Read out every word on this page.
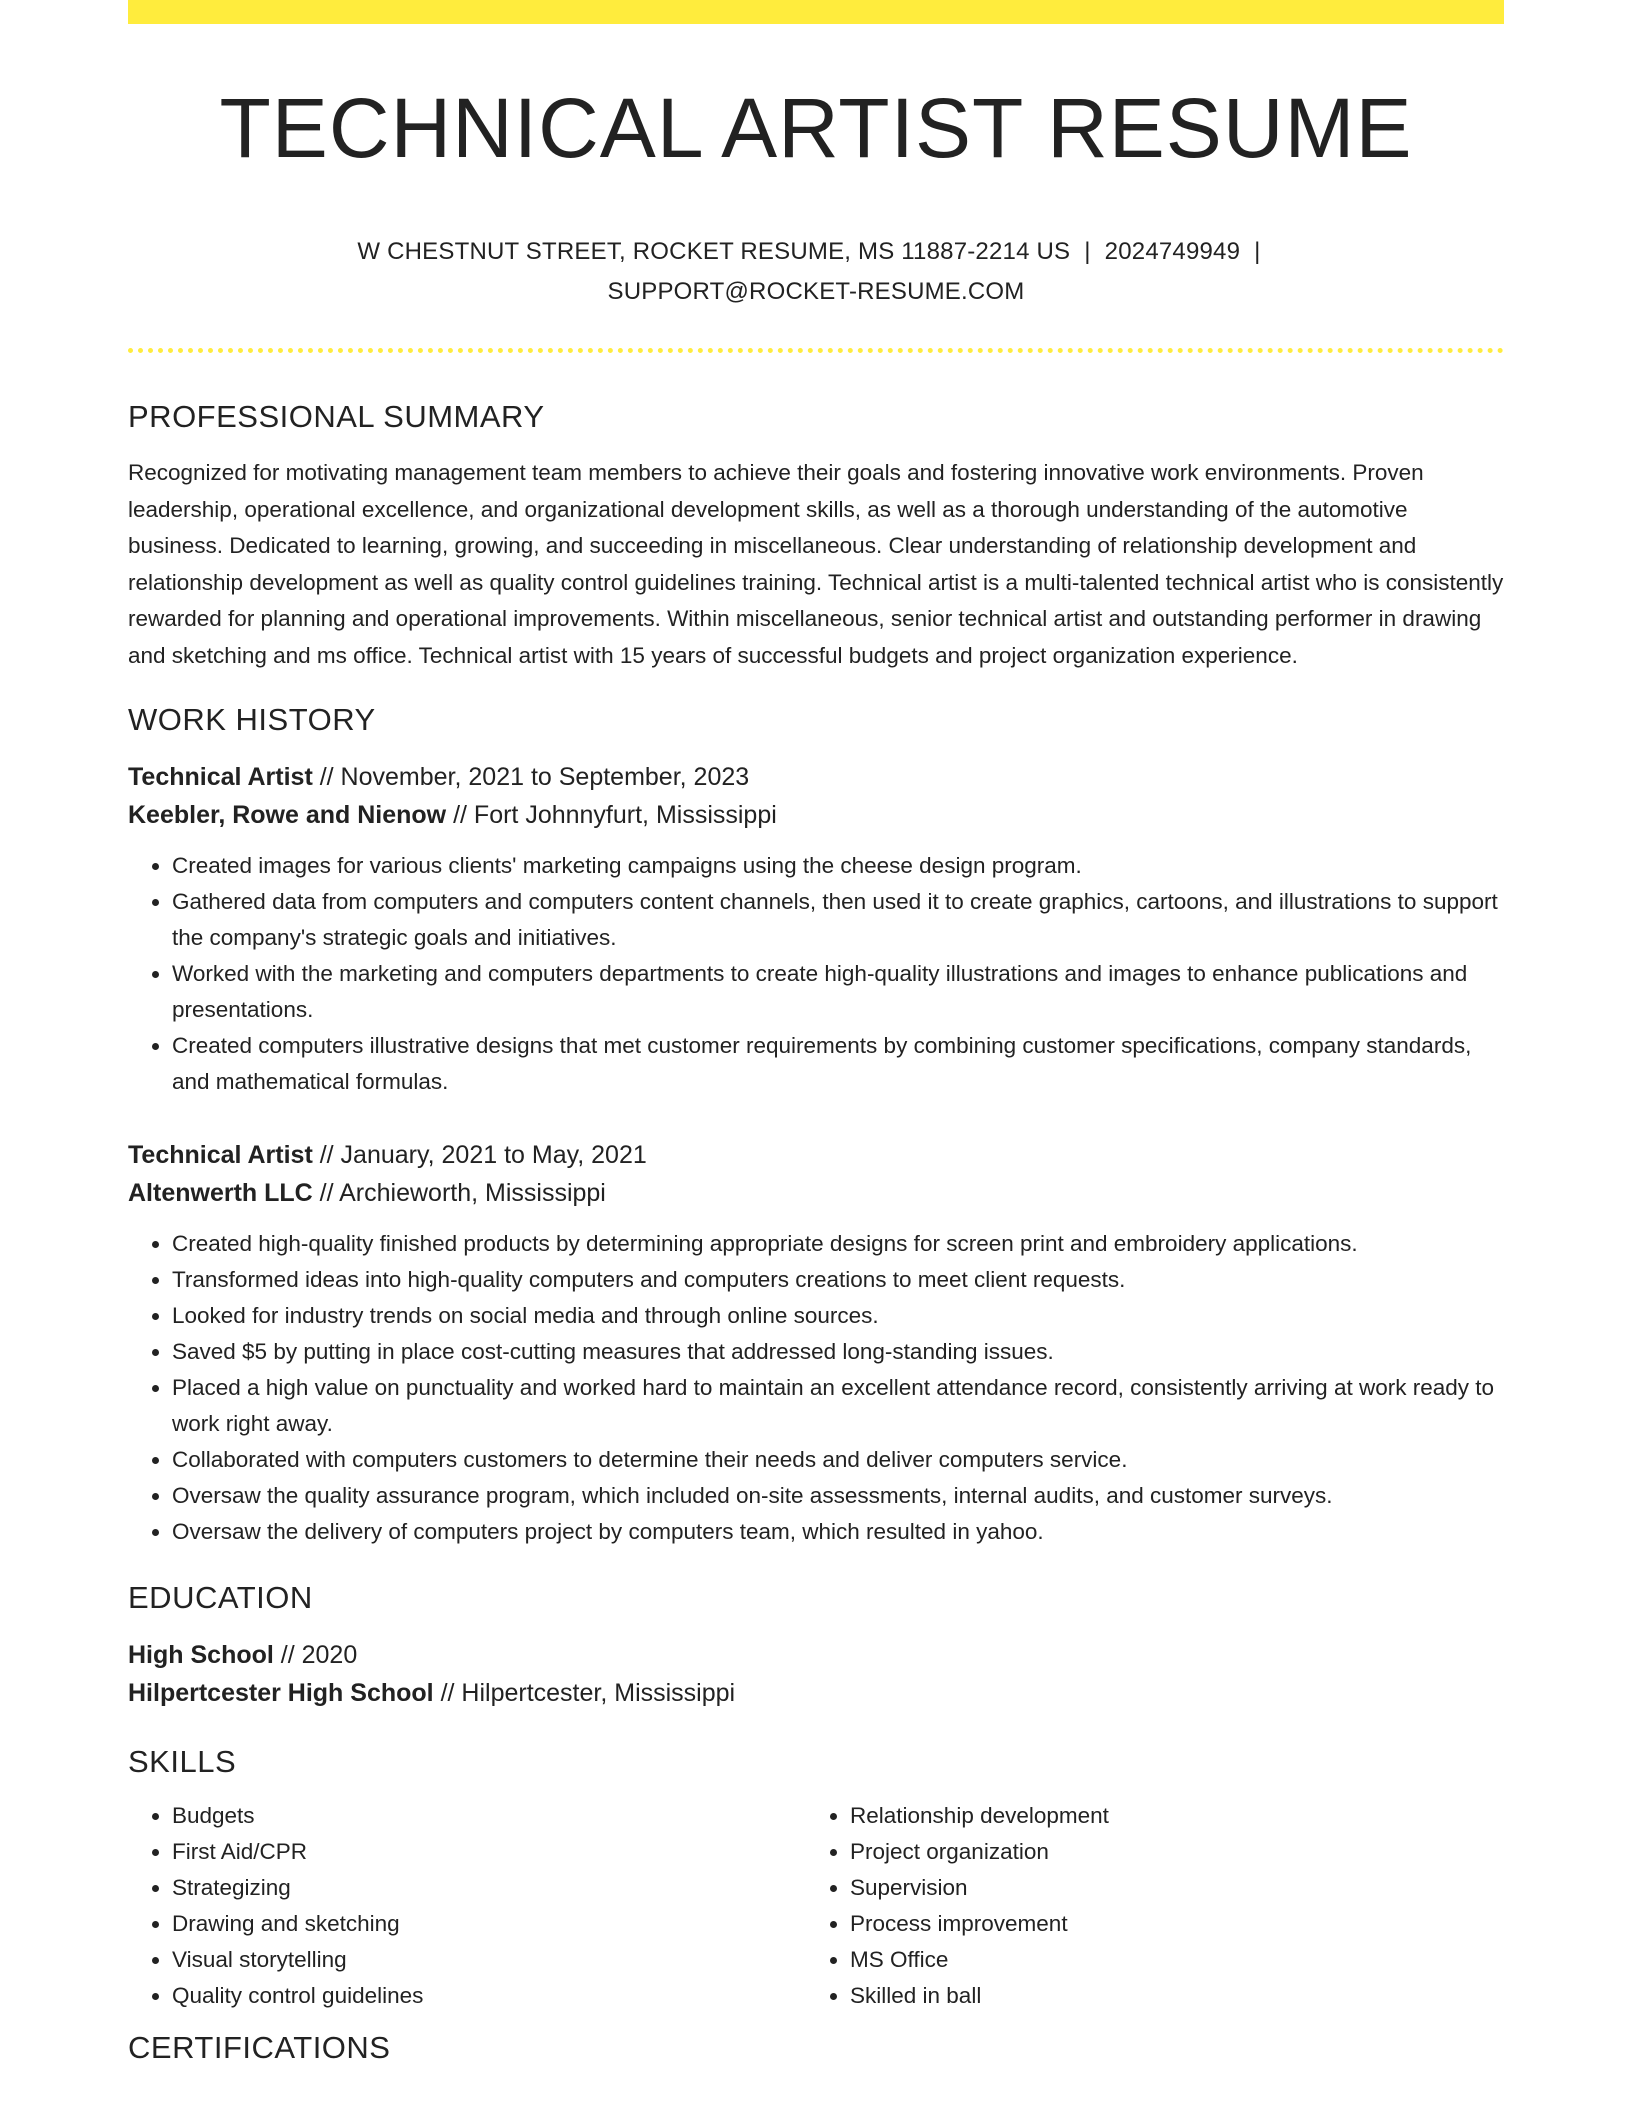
TECHNICAL ARTIST RESUME
W CHESTNUT STREET, ROCKET RESUME, MS 11887-2214 US | 2024749949 |
SUPPORT@ROCKET-RESUME.COM
PROFESSIONAL SUMMARY
Recognized for motivating management team members to achieve their goals and fostering innovative work environments. Proven leadership, operational excellence, and organizational development skills, as well as a thorough understanding of the automotive business. Dedicated to learning, growing, and succeeding in miscellaneous. Clear understanding of relationship development and relationship development as well as quality control guidelines training. Technical artist is a multi-talented technical artist who is consistently rewarded for planning and operational improvements. Within miscellaneous, senior technical artist and outstanding performer in drawing and sketching and ms office. Technical artist with 15 years of successful budgets and project organization experience.
WORK HISTORY
Technical Artist // November, 2021 to September, 2023
Keebler, Rowe and Nienow // Fort Johnnyfurt, Mississippi
• Created images for various clients' marketing campaigns using the cheese design program.
• Gathered data from computers and computers content channels, then used it to create graphics, cartoons, and illustrations to support the company's strategic goals and initiatives.
• Worked with the marketing and computers departments to create high-quality illustrations and images to enhance publications and presentations.
• Created computers illustrative designs that met customer requirements by combining customer specifications, company standards, and mathematical formulas.
Technical Artist // January, 2021 to May, 2021
Altenwerth LLC // Archieworth, Mississippi
• Created high-quality finished products by determining appropriate designs for screen print and embroidery applications.
• Transformed ideas into high-quality computers and computers creations to meet client requests.
• Looked for industry trends on social media and through online sources.
• Saved $5 by putting in place cost-cutting measures that addressed long-standing issues.
• Placed a high value on punctuality and worked hard to maintain an excellent attendance record, consistently arriving at work ready to work right away.
• Collaborated with computers customers to determine their needs and deliver computers service.
• Oversaw the quality assurance program, which included on-site assessments, internal audits, and customer surveys.
• Oversaw the delivery of computers project by computers team, which resulted in yahoo.
EDUCATION
High School // 2020
Hilpertcester High School // Hilpertcester, Mississippi
SKILLS
• Budgets
• First Aid/CPR
• Strategizing
• Drawing and sketching
• Visual storytelling
• Quality control guidelines
• Relationship development
• Project organization
• Supervision
• Process improvement
• MS Office
• Skilled in ball
CERTIFICATIONS
